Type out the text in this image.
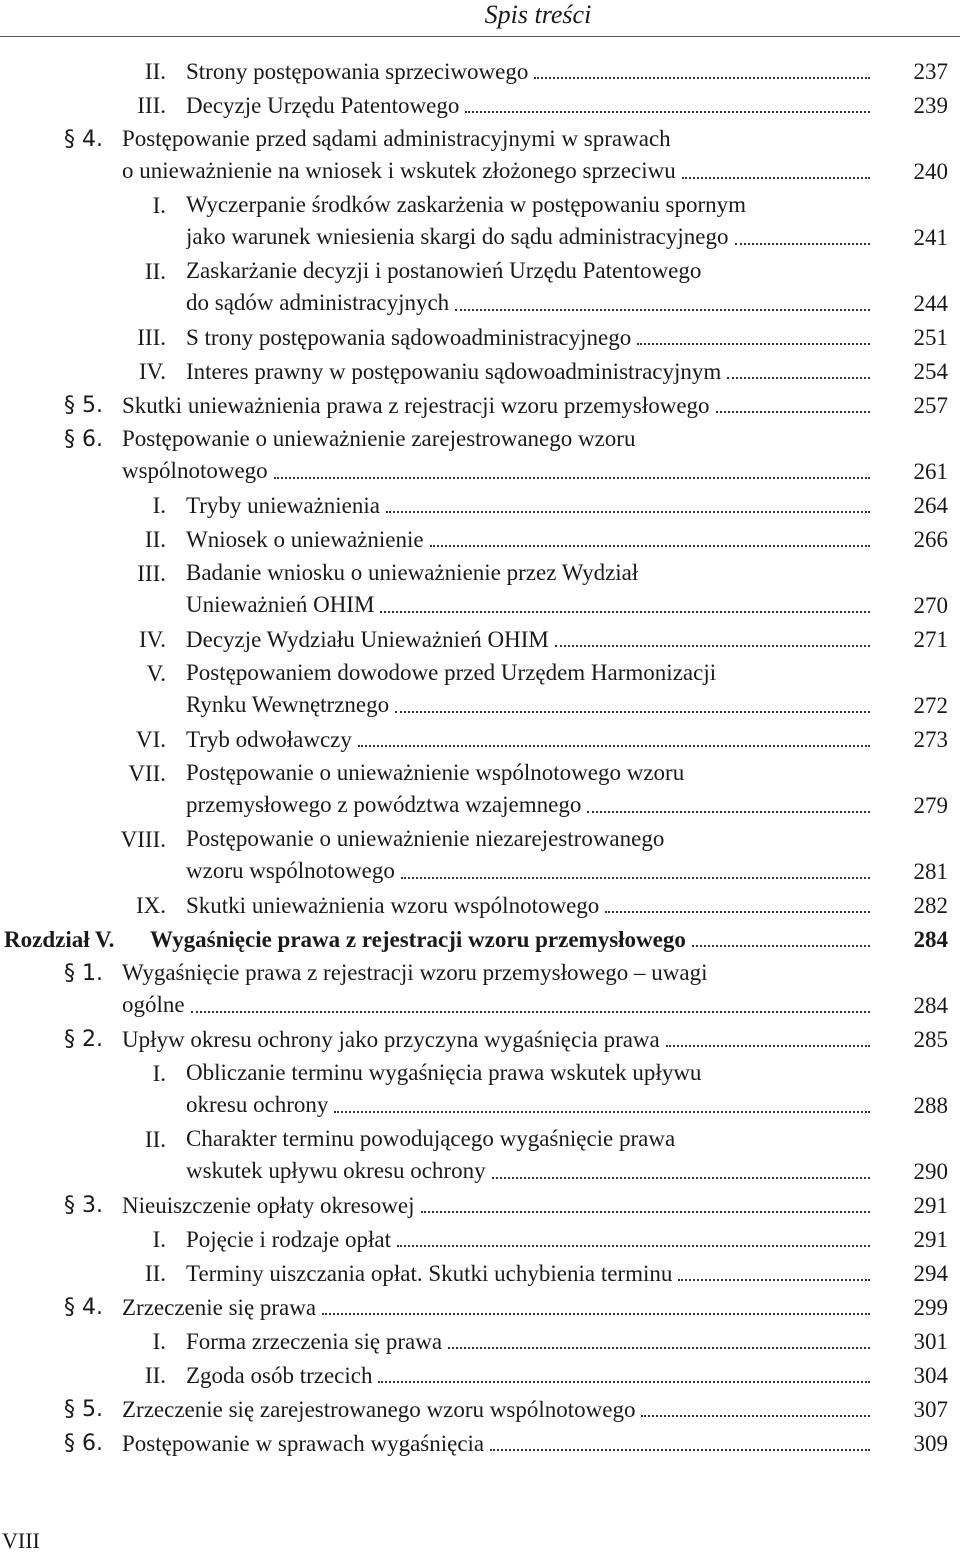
Spis treści
II. Strony postępowania sprzeciwowego	237
III. Decyzje Urzędu Patentowego	239
§ 4. Postępowanie przed sądami administracyjnymi w sprawach
o unieważnienie na wniosek i wskutek złożonego sprzeciwu	240
I. Wyczerpanie środków zaskarżenia w postępowaniu spornym
jako warunek wniesienia skargi do sądu administracyjnego	241
II. Zaskarżanie decyzji i postanowień Urzędu Patentowego
do sądów administracyjnych	244
III. S trony postępowania sądowoadministracyjnego	251
IV. Interes prawny w postępowaniu sądowoadministracyjnym	254
§ 5. Skutki unieważnienia prawa z rejestracji wzoru przemysłowego	257
§ 6. Postępowanie o unieważnienie zarejestrowanego wzoru
wspólnotowego	261
I. Tryby unieważnienia	264
II. Wniosek o unieważnienie	266
III. Badanie wniosku o unieważnienie przez Wydział
Unieważnień OHIM	270
IV. Decyzje Wydziału Unieważnień OHIM	271
V. Postępowaniem dowodowe przed Urzędem Harmonizacji
Rynku Wewnętrznego	272
VI. Tryb odwoławczy	273
VII. Postępowanie o unieważnienie wspólnotowego wzoru
przemysłowego z powództwa wzajemnego	279
VIII. Postępowanie o unieważnienie niezarejestrowanego
wzoru wspólnotowego	281
IX. Skutki unieważnienia wzoru wspólnotowego	282
Rozdział V. Wygaśnięcie prawa z rejestracji wzoru przemysłowego	284
§ 1. Wygaśnięcie prawa z rejestracji wzoru przemysłowego – uwagi
ogólne	284
§ 2. Upływ okresu ochrony jako przyczyna wygaśnięcia prawa	285
I. Obliczanie terminu wygaśnięcia prawa wskutek upływu
okresu ochrony	288
II. Charakter terminu powodującego wygaśnięcie prawa
wskutek upływu okresu ochrony	290
§ 3. Nieuiszczenie opłaty okresowej	291
I. Pojęcie i rodzaje opłat	291
II. Terminy uiszczania opłat. Skutki uchybienia terminu	294
§ 4. Zrzeczenie się prawa	299
I. Forma zrzeczenia się prawa	301
II. Zgoda osób trzecich	304
§ 5. Zrzeczenie się zarejestrowanego wzoru wspólnotowego	307
§ 6. Postępowanie w sprawach wygaśnięcia	309
VIII
